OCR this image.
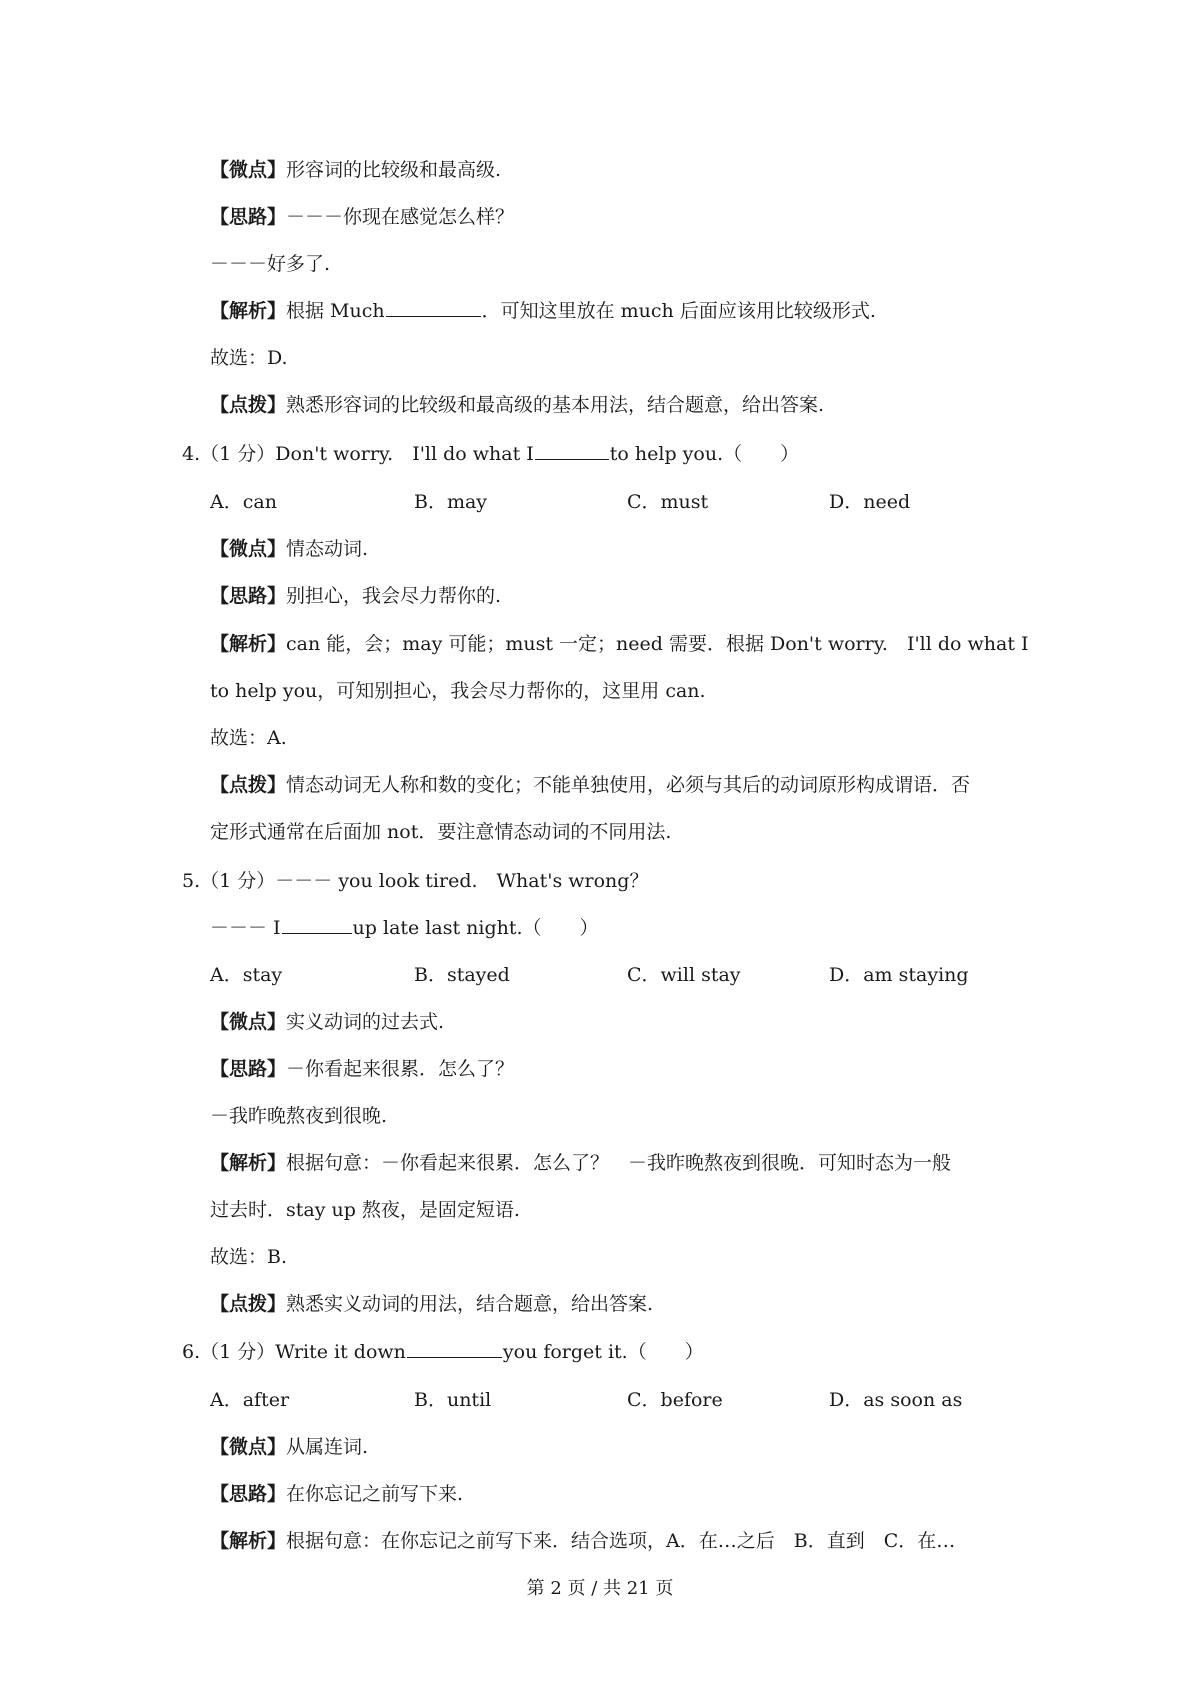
【微点】形容词的比较级和最高级.
【思路】－－－你现在感觉怎么样？
－－－好多了.
【解析】根据 Much	．可知这里放在 much 后面应该用比较级形式.
故选：D.
【点拨】熟悉形容词的比较级和最高级的基本用法，结合题意，给出答案.
4.（1 分）Don't worry.　I'll do what I	to help you.（　　）
A．can	B．may	C．must	D．need
【微点】情态动词.
【思路】别担心，我会尽力帮你的.
【解析】can 能，会；may 可能；must 一定；need 需要．根据 Don't worry.　I'll do what I
to help you，可知别担心，我会尽力帮你的，这里用 can.
故选：A.
【点拨】情态动词无人称和数的变化；不能单独使用，必须与其后的动词原形构成谓语．否
定形式通常在后面加 not．要注意情态动词的不同用法.
5.（1 分）－－－ you look tired.　What's wrong？
－－－ I	up late last night.（　　）
A．stay	B．stayed	C．will stay	D．am staying
【微点】实义动词的过去式.
【思路】－你看起来很累．怎么了？
－我昨晚熬夜到很晚.
【解析】根据句意：－你看起来很累．怎么了？　－我昨晚熬夜到很晚．可知时态为一般
过去时．stay up 熬夜，是固定短语.
故选：B.
【点拨】熟悉实义动词的用法，结合题意，给出答案.
6.（1 分）Write it down	you forget it.（　　）
A．after	B．until	C．before	D．as soon as
【微点】从属连词.
【思路】在你忘记之前写下来.
【解析】根据句意：在你忘记之前写下来．结合选项，A．在…之后　B．直到　C．在…
第 2 页 / 共 21 页
